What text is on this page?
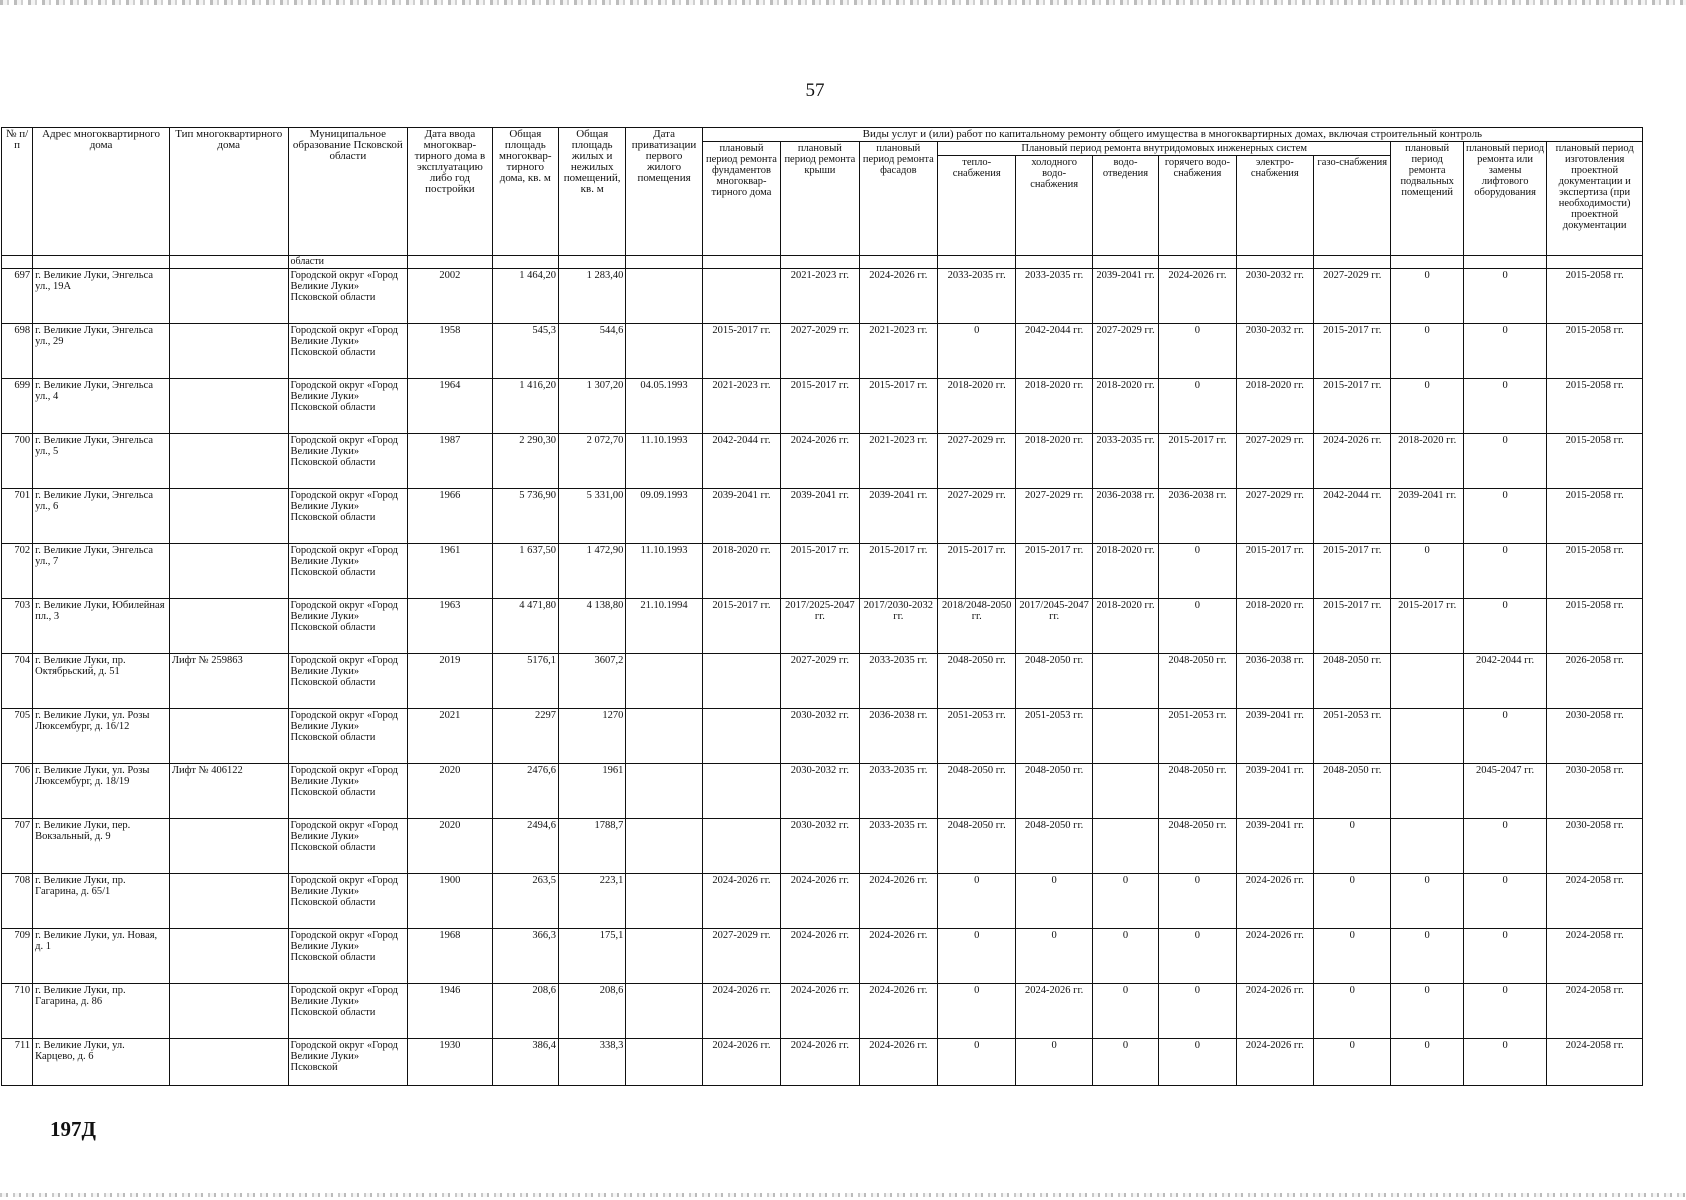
57
№ п/п	Адрес многоквартирного дома	Тип многоквартирного дома	Муниципальное образование Псковской области	Дата ввода многоквар-тирного дома в эксплуатацию либо год постройки	Общая площадь многоквар-тирного дома, кв. м	Общая площадь жилых и нежилых помещений, кв. м	Дата приватизации первого жилого помещения	Виды услуг и (или) работ по капитальному ремонту общего имущества в многоквартирных домах, включая строительный контроль											
								плановый период ремонта фундаментов многоквар-тирного дома	плановый период ремонта крыши	плановый период ремонта фасадов	Плановый период ремонта внутридомовых инженерных систем						плановый период ремонта подвальных помещений	плановый период ремонта или замены лифтового оборудования	плановый период изготовления проектной документации и экспертиза (при необходимости) проектной документации
											тепло-снабжения	холодного водо-снабжения	водо-отведения	горячего водо-снабжения	электро-снабжения	газо-снабжения			
			области																
697	г. Великие Луки, Энгельса ул., 19А		Городской округ «Город Великие Луки» Псковской области	2002	1 464,20	1 283,40			2021-2023 гг.	2024-2026 гг.	2033-2035 гг.	2033-2035 гг.	2039-2041 гг.	2024-2026 гг.	2030-2032 гг.	2027-2029 гг.	0	0	2015-2058 гг.
698	г. Великие Луки, Энгельса ул., 29		Городской округ «Город Великие Луки» Псковской области	1958	545,3	544,6		2015-2017 гг.	2027-2029 гг.	2021-2023 гг.	0	2042-2044 гг.	2027-2029 гг.	0	2030-2032 гг.	2015-2017 гг.	0	0	2015-2058 гг.
699	г. Великие Луки, Энгельса ул., 4		Городской округ «Город Великие Луки» Псковской области	1964	1 416,20	1 307,20	04.05.1993	2021-2023 гг.	2015-2017 гг.	2015-2017 гг.	2018-2020 гг.	2018-2020 гг.	2018-2020 гг.	0	2018-2020 гг.	2015-2017 гг.	0	0	2015-2058 гг.
700	г. Великие Луки, Энгельса ул., 5		Городской округ «Город Великие Луки» Псковской области	1987	2 290,30	2 072,70	11.10.1993	2042-2044 гг.	2024-2026 гг.	2021-2023 гг.	2027-2029 гг.	2018-2020 гг.	2033-2035 гг.	2015-2017 гг.	2027-2029 гг.	2024-2026 гг.	2018-2020 гг.	0	2015-2058 гг.
701	г. Великие Луки, Энгельса ул., 6		Городской округ «Город Великие Луки» Псковской области	1966	5 736,90	5 331,00	09.09.1993	2039-2041 гг.	2039-2041 гг.	2039-2041 гг.	2027-2029 гг.	2027-2029 гг.	2036-2038 гг.	2036-2038 гг.	2027-2029 гг.	2042-2044 гг.	2039-2041 гг.	0	2015-2058 гг.
702	г. Великие Луки, Энгельса ул., 7		Городской округ «Город Великие Луки» Псковской области	1961	1 637,50	1 472,90	11.10.1993	2018-2020 гг.	2015-2017 гг.	2015-2017 гг.	2015-2017 гг.	2015-2017 гг.	2018-2020 гг.	0	2015-2017 гг.	2015-2017 гг.	0	0	2015-2058 гг.
703	г. Великие Луки, Юбилейная пл., 3		Городской округ «Город Великие Луки» Псковской области	1963	4 471,80	4 138,80	21.10.1994	2015-2017 гг.	2017/2025-2047 гг.	2017/2030-2032 гг.	2018/2048-2050 гг.	2017/2045-2047 гг.	2018-2020 гг.	0	2018-2020 гг.	2015-2017 гг.	2015-2017 гг.	0	2015-2058 гг.
704	г. Великие Луки, пр. Октябрьский, д. 51	Лифт № 259863	Городской округ «Город Великие Луки» Псковской области	2019	5176,1	3607,2			2027-2029 гг.	2033-2035 гг.	2048-2050 гг.	2048-2050 гг.		2048-2050 гг.	2036-2038 гг.	2048-2050 гг.		2042-2044 гг.	2026-2058 гг.
705	г. Великие Луки, ул. Розы Люксембург, д. 16/12		Городской округ «Город Великие Луки» Псковской области	2021	2297	1270			2030-2032 гг.	2036-2038 гг.	2051-2053 гг.	2051-2053 гг.		2051-2053 гг.	2039-2041 гг.	2051-2053 гг.		0	2030-2058 гг.
706	г. Великие Луки, ул. Розы Люксембург, д. 18/19	Лифт № 406122	Городской округ «Город Великие Луки» Псковской области	2020	2476,6	1961			2030-2032 гг.	2033-2035 гг.	2048-2050 гг.	2048-2050 гг.		2048-2050 гг.	2039-2041 гг.	2048-2050 гг.		2045-2047 гг.	2030-2058 гг.
707	г. Великие Луки, пер. Вокзальный, д. 9		Городской округ «Город Великие Луки» Псковской области	2020	2494,6	1788,7			2030-2032 гг.	2033-2035 гг.	2048-2050 гг.	2048-2050 гг.		2048-2050 гг.	2039-2041 гг.	0		0	2030-2058 гг.
708	г. Великие Луки, пр. Гагарина, д. 65/1		Городской округ «Город Великие Луки» Псковской области	1900	263,5	223,1		2024-2026 гг.	2024-2026 гг.	2024-2026 гг.	0	0	0	0	2024-2026 гг.	0	0	0	2024-2058 гг.
709	г. Великие Луки, ул. Новая, д. 1		Городской округ «Город Великие Луки» Псковской области	1968	366,3	175,1		2027-2029 гг.	2024-2026 гг.	2024-2026 гг.	0	0	0	0	2024-2026 гг.	0	0	0	2024-2058 гг.
710	г. Великие Луки, пр. Гагарина, д. 86		Городской округ «Город Великие Луки» Псковской области	1946	208,6	208,6		2024-2026 гг.	2024-2026 гг.	2024-2026 гг.	0	2024-2026 гг.	0	0	2024-2026 гг.	0	0	0	2024-2058 гг.
711	г. Великие Луки, ул. Карцево, д. 6		Городской округ «Город Великие Луки» Псковской	1930	386,4	338,3		2024-2026 гг.	2024-2026 гг.	2024-2026 гг.	0	0	0	0	2024-2026 гг.	0	0	0	2024-2058 гг.
197Д
